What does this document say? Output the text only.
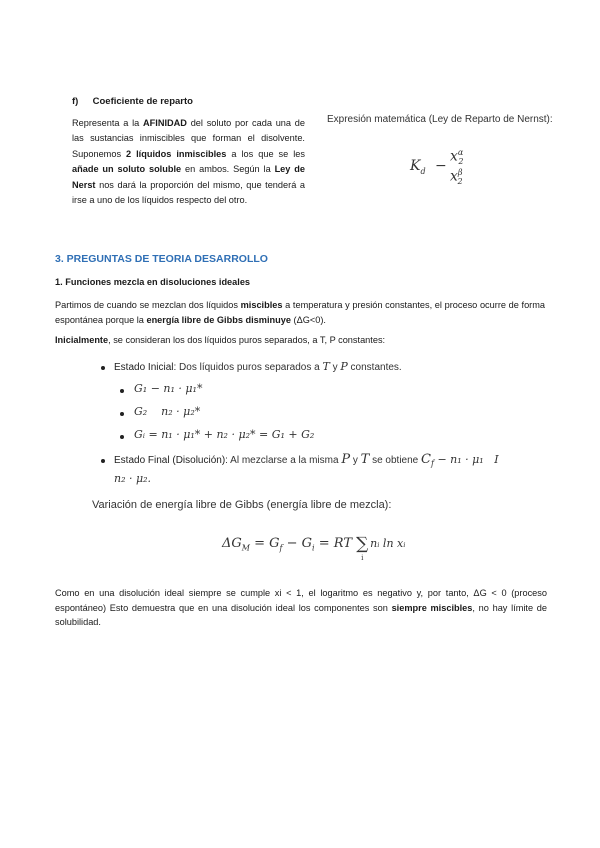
f) Coeficiente de reparto
Representa a la AFINIDAD del soluto por cada una de las sustancias inmiscibles que forman el disolvente. Suponemos 2 líquidos inmiscibles a los que se les añade un soluto soluble en ambos. Según la Ley de Nerst nos dará la proporción del mismo, que tenderá a irse a uno de los líquidos respecto del otro.
Expresión matemática (Ley de Reparto de Nernst):
$K_d$ −
$x^\alpha_2$
$x^\beta_2$
3. PREGUNTAS DE TEORIA DESARROLLO
1. Funciones mezcla en disoluciones ideales
Partimos de cuando se mezclan dos líquidos miscibles a temperatura y presión constantes, el proceso ocurre de forma espontánea porque la energía libre de Gibbs disminuye (ΔG<0).
Inicialmente, se consideran los dos líquidos puros separados, a T, P constantes:
Estado Inicial: Dos líquidos puros separados a T y P constantes.
G₁ − n₁ · μ₁*
G₂    n₂ · μ₂*
Gᵢ = n₁ · μ₁* + n₂ · μ₂* = G₁ + G₂
Estado Final (Disolución): Al mezclarse a la misma P y T se obtiene $C_f - n_1 \cdot \mu_1$   I
n₂ · μ₂.
Variación de energía libre de Gibbs (energía libre de mezcla):
$\Delta G_M = G_f - G_i$ = RT ∑
i
nᵢ ln xᵢ
Como en una disolución ideal siempre se cumple xi < 1, el logaritmo es negativo y, por tanto, ΔG < 0 (proceso espontáneo) Esto demuestra que en una disolución ideal los componentes son siempre miscibles, no hay límite de solubilidad.
